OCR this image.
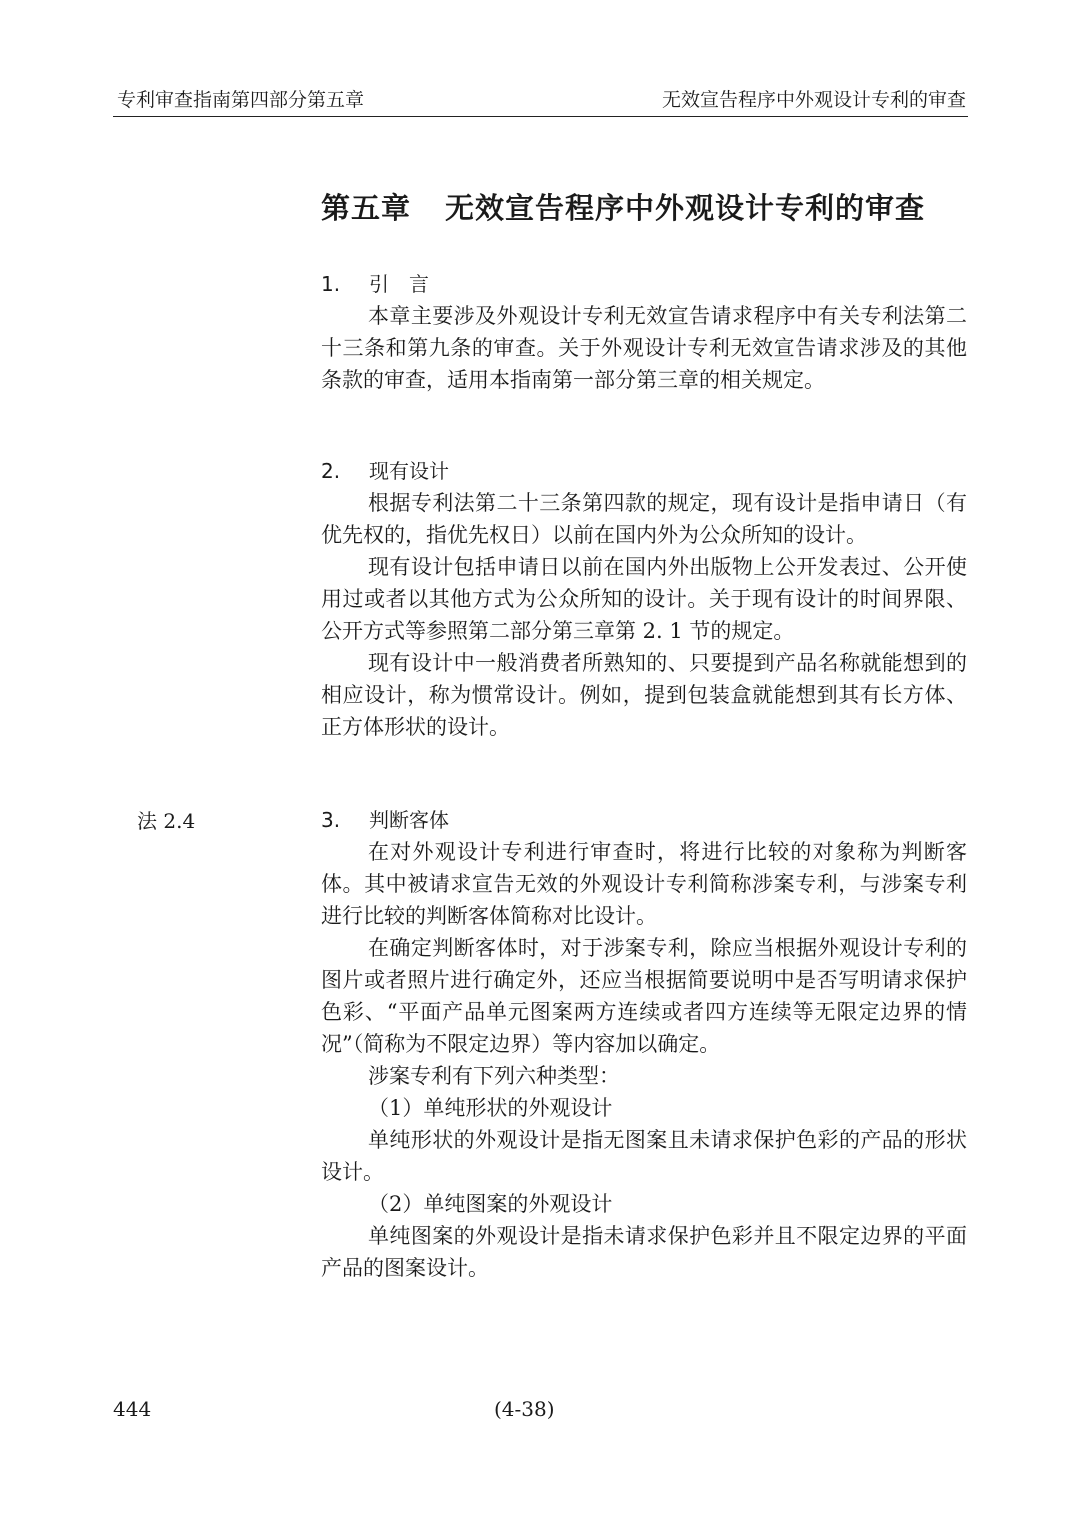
专利审查指南第四部分第五章	无效宣告程序中外观设计专利的审查
第五章 无效宣告程序中外观设计专利的审查
1. 引　言
本章主要涉及外观设计专利无效宣告请求程序中有关专利法第二十三条和第九条的审查。关于外观设计专利无效宣告请求涉及的其他条款的审查，适用本指南第一部分第三章的相关规定。
2. 现有设计
根据专利法第二十三条第四款的规定，现有设计是指申请日（有优先权的，指优先权日）以前在国内外为公众所知的设计。
现有设计包括申请日以前在国内外出版物上公开发表过、公开使用过或者以其他方式为公众所知的设计。关于现有设计的时间界限、公开方式等参照第二部分第三章第 2. 1 节的规定。
现有设计中一般消费者所熟知的、只要提到产品名称就能想到的相应设计，称为惯常设计。例如，提到包装盒就能想到其有长方体、正方体形状的设计。
法 2.4	3. 判断客体
在对外观设计专利进行审查时，将进行比较的对象称为判断客体。其中被请求宣告无效的外观设计专利简称涉案专利，与涉案专利进行比较的判断客体简称对比设计。
在确定判断客体时，对于涉案专利，除应当根据外观设计专利的图片或者照片进行确定外，还应当根据简要说明中是否写明请求保护色彩、“平面产品单元图案两方连续或者四方连续等无限定边界的情况”（简称为不限定边界）等内容加以确定。
涉案专利有下列六种类型：
（1）单纯形状的外观设计
单纯形状的外观设计是指无图案且未请求保护色彩的产品的形状设计。
（2）单纯图案的外观设计
单纯图案的外观设计是指未请求保护色彩并且不限定边界的平面产品的图案设计。
444	(4-38)
